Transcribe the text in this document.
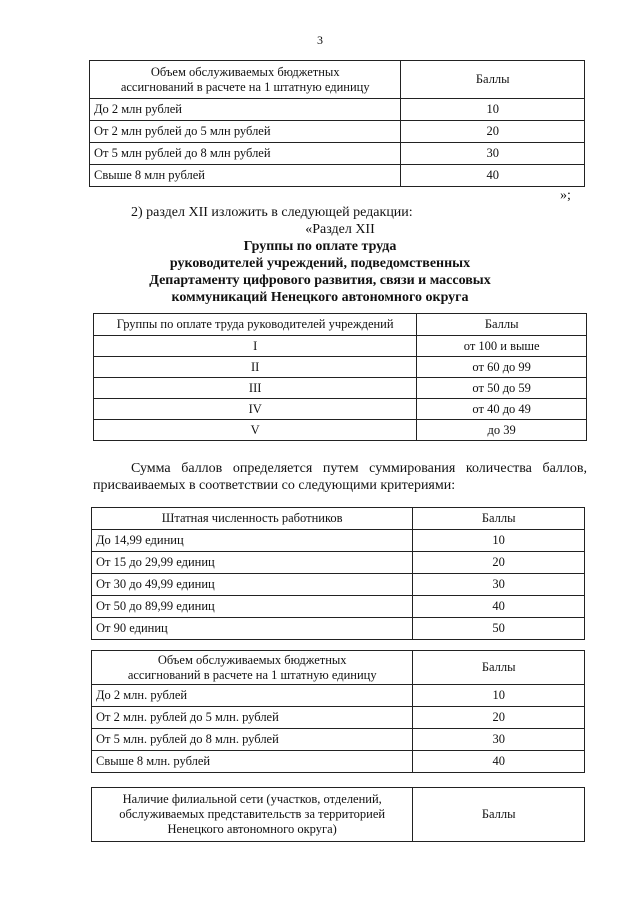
3
Объем обслуживаемых бюджетных ассигнований в расчете на 1 штатную единицу	Баллы
До 2 млн рублей	10
От 2 млн рублей до 5 млн рублей	20
От 5 млн рублей до 8 млн рублей	30
Свыше 8 млн рублей	40
»;
2) раздел XII изложить в следующей редакции:
«Раздел XII
Группы по оплате труда
руководителей учреждений, подведомственных
Департаменту цифрового развития, связи и массовых
коммуникаций Ненецкого автономного округа
Группы по оплате труда руководителей учреждений	Баллы
I	от 100 и выше
II	от 60 до 99
III	от 50 до 59
IV	от 40 до 49
V	до 39
Сумма баллов определяется путем суммирования количества баллов, присваиваемых в соответствии со следующими критериями:
Штатная численность работников	Баллы
До 14,99 единиц	10
От 15 до 29,99 единиц	20
От 30 до 49,99 единиц	30
От 50 до 89,99 единиц	40
От 90 единиц	50
Объем обслуживаемых бюджетных ассигнований в расчете на 1 штатную единицу	Баллы
До 2 млн. рублей	10
От 2 млн. рублей до 5 млн. рублей	20
От 5 млн. рублей до 8 млн. рублей	30
Свыше 8 млн. рублей	40
Наличие филиальной сети (участков, отделений, обслуживаемых представительств за территорией Ненецкого автономного округа)	Баллы
